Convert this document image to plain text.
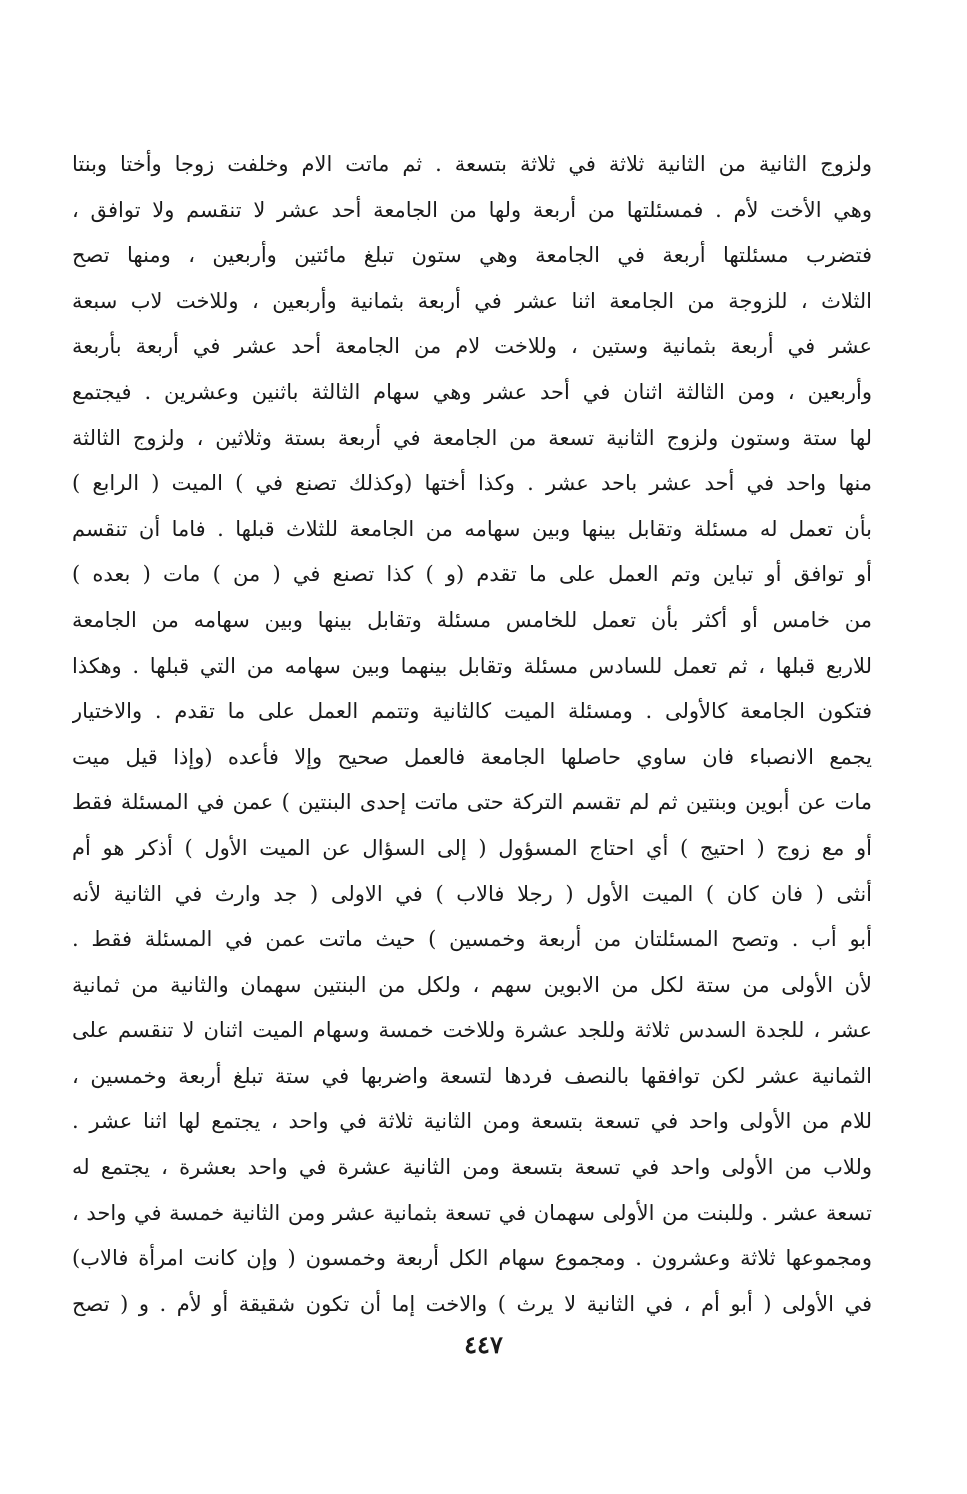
ولزوج الثانية من الثانية ثلاثة في ثلاثة بتسعة . ثم ماتت الام وخلفت زوجا وأختا وبنتا
وهي الأخت لأم . فمسئلتها من أربعة ولها من الجامعة أحد عشر لا تنقسم ولا توافق ،
فتضرب مسئلتها أربعة في الجامعة وهي ستون تبلغ مائتين وأربعين ، ومنها تصح
الثلاث ، للزوجة من الجامعة اثنا عشر في أربعة بثمانية وأربعين ، وللاخت لاب سبعة
عشر في أربعة بثمانية وستين ، وللاخت لام من الجامعة أحد عشر في أربعة بأربعة
وأربعين ، ومن الثالثة اثنان في أحد عشر وهي سهام الثالثة باثنين وعشرين . فيجتمع
لها ستة وستون ولزوج الثانية تسعة من الجامعة في أربعة بستة وثلاثين ، ولزوج الثالثة
منها واحد في أحد عشر باحد عشر . وكذا أختها (وكذلك تصنع في ) الميت ( الرابع )
بأن تعمل له مسئلة وتقابل بينها وبين سهامه من الجامعة للثلاث قبلها . فاما أن تنقسم
أو توافق أو تباين وتم العمل على ما تقدم (و ) كذا تصنع في ( من ) مات ( بعده )
من خامس أو أكثر بأن تعمل للخامس مسئلة وتقابل بينها وبين سهامه من الجامعة
للاربع قبلها ، ثم تعمل للسادس مسئلة وتقابل بينهما وبين سهامه من التي قبلها . وهكذا
فتكون الجامعة كالأولى . ومسئلة الميت كالثانية وتتمم العمل على ما تقدم . والاختيار
يجمع الانصباء فان ساوي حاصلها الجامعة فالعمل صحيح وإلا فأعده (وإذا قيل ميت
مات عن أبوين وبنتين ثم لم تقسم التركة حتى ماتت إحدى البنتين ) عمن في المسئلة فقط
أو مع زوج ( احتيج ) أي احتاج المسؤول ( إلى السؤال عن الميت الأول ) أذكر هو أم
أنثى ( فان كان ) الميت الأول ( رجلا فالاب ) في الاولى ( جد وارث في الثانية لأنه
أبو أب . وتصح المسئلتان من أربعة وخمسين ) حيث ماتت عمن في المسئلة فقط .
لأن الأولى من ستة لكل من الابوين سهم ، ولكل من البنتين سهمان والثانية من ثمانية
عشر ، للجدة السدس ثلاثة وللجد عشرة وللاخت خمسة وسهام الميت اثنان لا تنقسم على
الثمانية عشر لكن توافقها بالنصف فردها لتسعة واضربها في ستة تبلغ أربعة وخمسين ،
للام من الأولى واحد في تسعة بتسعة ومن الثانية ثلاثة في واحد ، يجتمع لها اثنا عشر .
وللاب من الأولى واحد في تسعة بتسعة ومن الثانية عشرة في واحد بعشرة ، يجتمع له
تسعة عشر . وللبنت من الأولى سهمان في تسعة بثمانية عشر ومن الثانية خمسة في واحد ،
ومجموعها ثلاثة وعشرون . ومجموع سهام الكل أربعة وخمسون ( وإن كانت امرأة فالاب)
في الأولى ( أبو أم ، في الثانية لا يرث ) والاخت إما أن تكون شقيقة أو لأم . و ( تصح
٤٤٧
